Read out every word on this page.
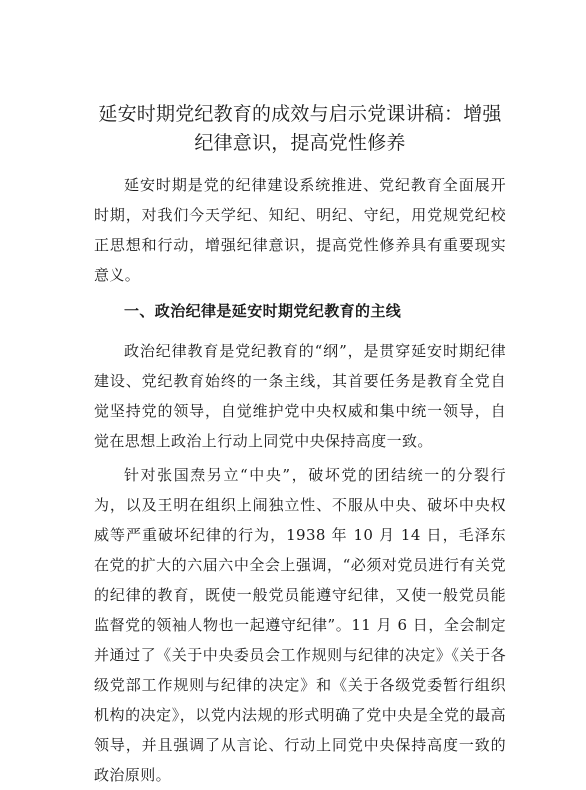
延安时期党纪教育的成效与启示党课讲稿：增强纪律意识，提高党性修养

延安时期是党的纪律建设系统推进、党纪教育全面展开时期，对我们今天学纪、知纪、明纪、守纪，用党规党纪校正思想和行动，增强纪律意识，提高党性修养具有重要现实意义。

一、政治纪律是延安时期党纪教育的主线

政治纪律教育是党纪教育的“纲”，是贯穿延安时期纪律建设、党纪教育始终的一条主线，其首要任务是教育全党自觉坚持党的领导，自觉维护党中央权威和集中统一领导，自觉在思想上政治上行动上同党中央保持高度一致。

针对张国焘另立“中央”，破坏党的团结统一的分裂行为，以及王明在组织上闹独立性、不服从中央、破坏中央权威等严重破坏纪律的行为，1938 年 10 月 14 日，毛泽东在党的扩大的六届六中全会上强调，“必须对党员进行有关党的纪律的教育，既使一般党员能遵守纪律，又使一般党员能监督党的领袖人物也一起遵守纪律”。11 月 6 日，全会制定并通过了《关于中央委员会工作规则与纪律的决定》《关于各级党部工作规则与纪律的决定》和《关于各级党委暂行组织机构的决定》，以党内法规的形式明确了党中央是全党的最高领导，并且强调了从言论、行动上同党中央保持高度一致的政治原则。
